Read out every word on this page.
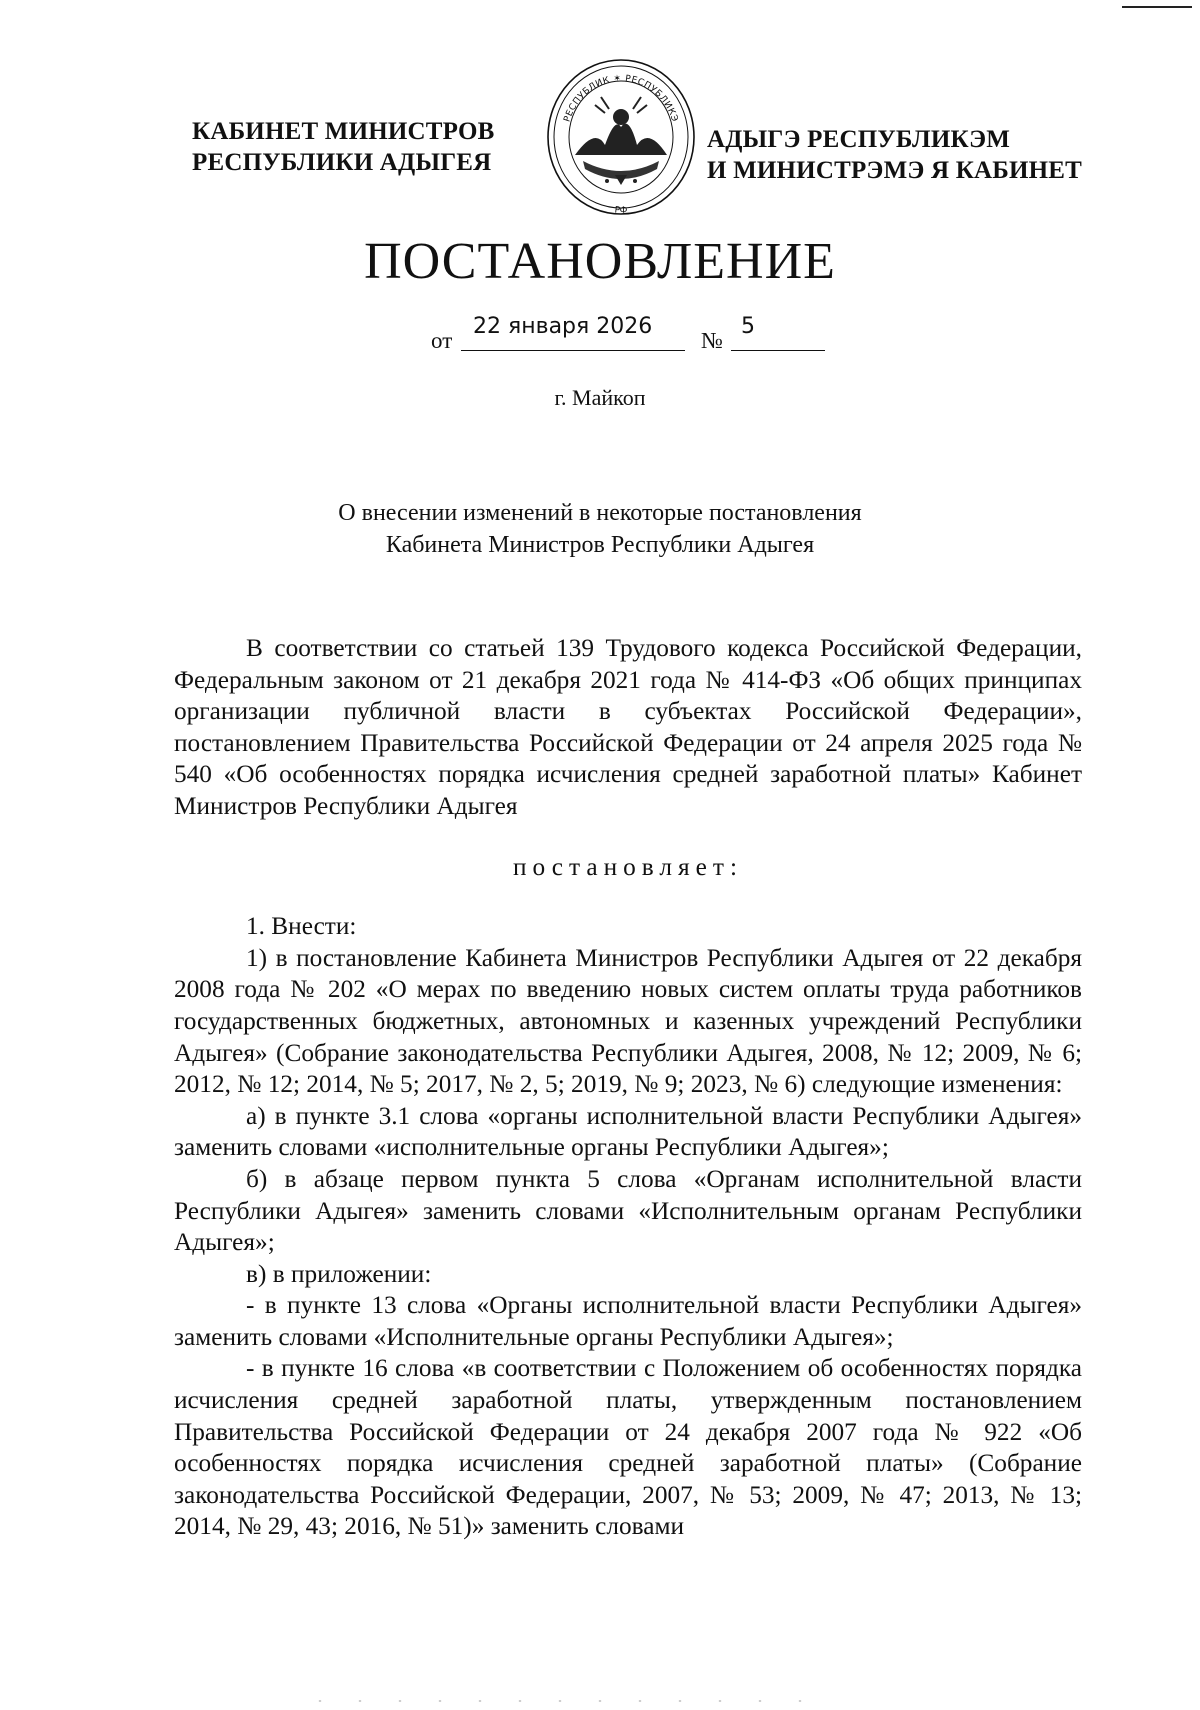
КАБИНЕТ МИНИСТРОВ
РЕСПУБЛИКИ АДЫГЕЯ
РЕСПУБЛИК ✶ РЕСПУБЛИКЭ
РФ
АДЫГЭ РЕСПУБЛИКЭМ
И МИНИСТРЭМЭ Я КАБИНЕТ
ПОСТАНОВЛЕНИЕ
от
22 января 2026
№
5
г. Майкоп
О внесении изменений в некоторые постановления
Кабинета Министров Республики Адыгея

В соответствии со статьей 139 Трудового кодекса Российской Федерации, Федеральным законом от 21 декабря 2021 года № 414-ФЗ «Об общих принципах организации публичной власти в субъектах Российской Федерации», постановлением Правительства Российской Федерации от 24 апреля 2025 года № 540 «Об особенностях порядка исчисления средней заработной платы» Кабинет Министров Республики Адыгея

постановляет:

1. Внести:

1) в постановление Кабинета Министров Республики Адыгея от 22 декабря 2008 года № 202 «О мерах по введению новых систем оплаты труда работников государственных бюджетных, автономных и казенных учреждений Республики Адыгея» (Собрание законодательства Республики Адыгея, 2008, № 12; 2009, № 6; 2012, № 12; 2014, № 5; 2017, № 2, 5; 2019, № 9; 2023, № 6) следующие изменения:

а) в пункте 3.1 слова «органы исполнительной власти Республики Адыгея» заменить словами «исполнительные органы Республики Адыгея»;

б) в абзаце первом пункта 5 слова «Органам исполнительной власти Республики Адыгея» заменить словами «Исполнительным органам Республики Адыгея»;

в) в приложении:

- в пункте 13 слова «Органы исполнительной власти Республики Адыгея» заменить словами «Исполнительные органы Республики Адыгея»;

- в пункте 16 слова «в соответствии с Положением об особенностях порядка исчисления средней заработной платы, утвержденным постановлением Правительства Российской Федерации от 24 декабря 2007 года № 922 «Об особенностях порядка исчисления средней заработной платы» (Собрание законодательства Российской Федерации, 2007, № 53; 2009, № 47; 2013, № 13; 2014, № 29, 43; 2016, № 51)» заменить словами
